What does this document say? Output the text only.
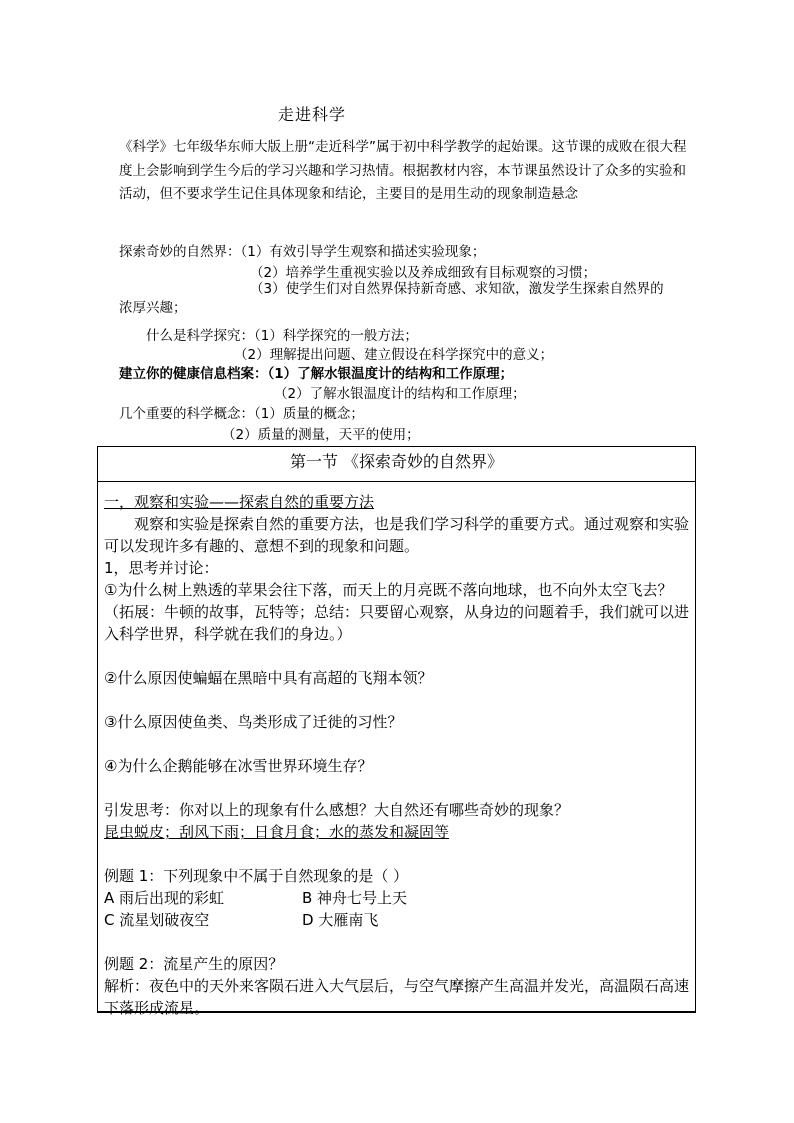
走进科学

《科学》七年级华东师大版上册“走近科学”属于初中科学教学的起始课。这节课的成败在很大程度上会影响到学生今后的学习兴趣和学习热情。根据教材内容，本节课虽然设计了众多的实验和活动，但不要求学生记住具体现象和结论，主要目的是用生动的现象制造悬念

探索奇妙的自然界：（1）有效引导学生观察和描述实验现象；
（2）培养学生重视实验以及养成细致有目标观察的习惯；
（3）使学生们对自然界保持新奇感、求知欲，激发学生探索自然界的
浓厚兴趣；
什么是科学探究：（1）科学探究的一般方法；
（2）理解提出问题、建立假设在科学探究中的意义；
建立你的健康信息档案：（1）了解水银温度计的结构和工作原理；
（2）了解水银温度计的结构和工作原理；
几个重要的科学概念：（1）质量的概念；
（2）质量的测量，天平的使用；
第一节 《探索奇妙的自然界》

一，观察和实验——探索自然的重要方法

观察和实验是探索自然的重要方法，也是我们学习科学的重要方式。通过观察和实验可以发现许多有趣的、意想不到的现象和问题。

1，思考并讨论：

①为什么树上熟透的苹果会往下落，而天上的月亮既不落向地球，也不向外太空飞去？（拓展：牛顿的故事，瓦特等；总结：只要留心观察，从身边的问题着手，我们就可以进入科学世界，科学就在我们的身边。）

②什么原因使蝙蝠在黑暗中具有高超的飞翔本领？

③什么原因使鱼类、鸟类形成了迁徙的习性？

④为什么企鹅能够在冰雪世界环境生存？

引发思考：你对以上的现象有什么感想？大自然还有哪些奇妙的现象？

昆虫蜕皮；刮风下雨；日食月食；水的蒸发和凝固等

例题 1：下列现象中不属于自然现象的是（ ）

A 雨后出现的彩虹	B 神舟七号上天
C 流星划破夜空	D 大雁南飞

例题 2：流星产生的原因？

解析：夜色中的天外来客陨石进入大气层后，与空气摩擦产生高温并发光，高温陨石高速下落形成流星。
